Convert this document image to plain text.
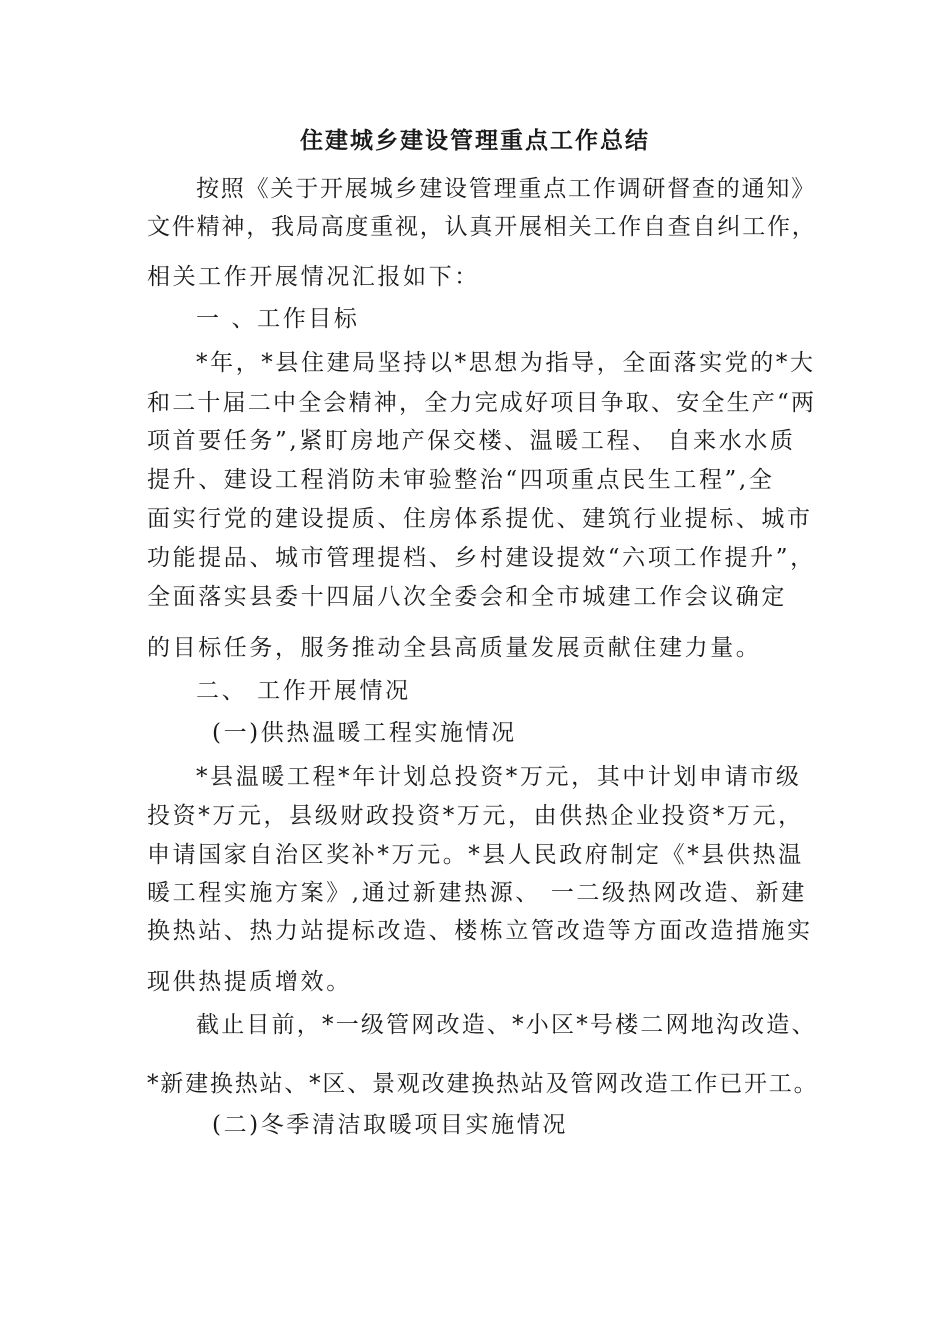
住建城乡建设管理重点工作总结
按照《关于开展城乡建设管理重点工作调研督查的通知》
文件精神，我局高度重视，认真开展相关工作自查自纠工作，
相关工作开展情况汇报如下：
一 、工作目标
*年，*县住建局坚持以*思想为指导，全面落实党的*大
和二十届二中全会精神，全力完成好项目争取、安全生产“两
项首要任务”,紧盯房地产保交楼、温暖工程、 自来水水质
提升、建设工程消防未审验整治“四项重点民生工程”,全
面实行党的建设提质、住房体系提优、建筑行业提标、城市
功能提品、城市管理提档、乡村建设提效“六项工作提升”，
全面落实县委十四届八次全委会和全市城建工作会议确定
的目标任务，服务推动全县高质量发展贡献住建力量。
二、 工作开展情况
(一)供热温暖工程实施情况
*县温暖工程*年计划总投资*万元，其中计划申请市级
投资*万元，县级财政投资*万元，由供热企业投资*万元，
申请国家自治区奖补*万元。*县人民政府制定《*县供热温
暖工程实施方案》,通过新建热源、 一二级热网改造、新建
换热站、热力站提标改造、楼栋立管改造等方面改造措施实
现供热提质增效。
截止目前，*一级管网改造、*小区*号楼二网地沟改造、
*新建换热站、*区、景观改建换热站及管网改造工作已开工。
(二)冬季清洁取暖项目实施情况
